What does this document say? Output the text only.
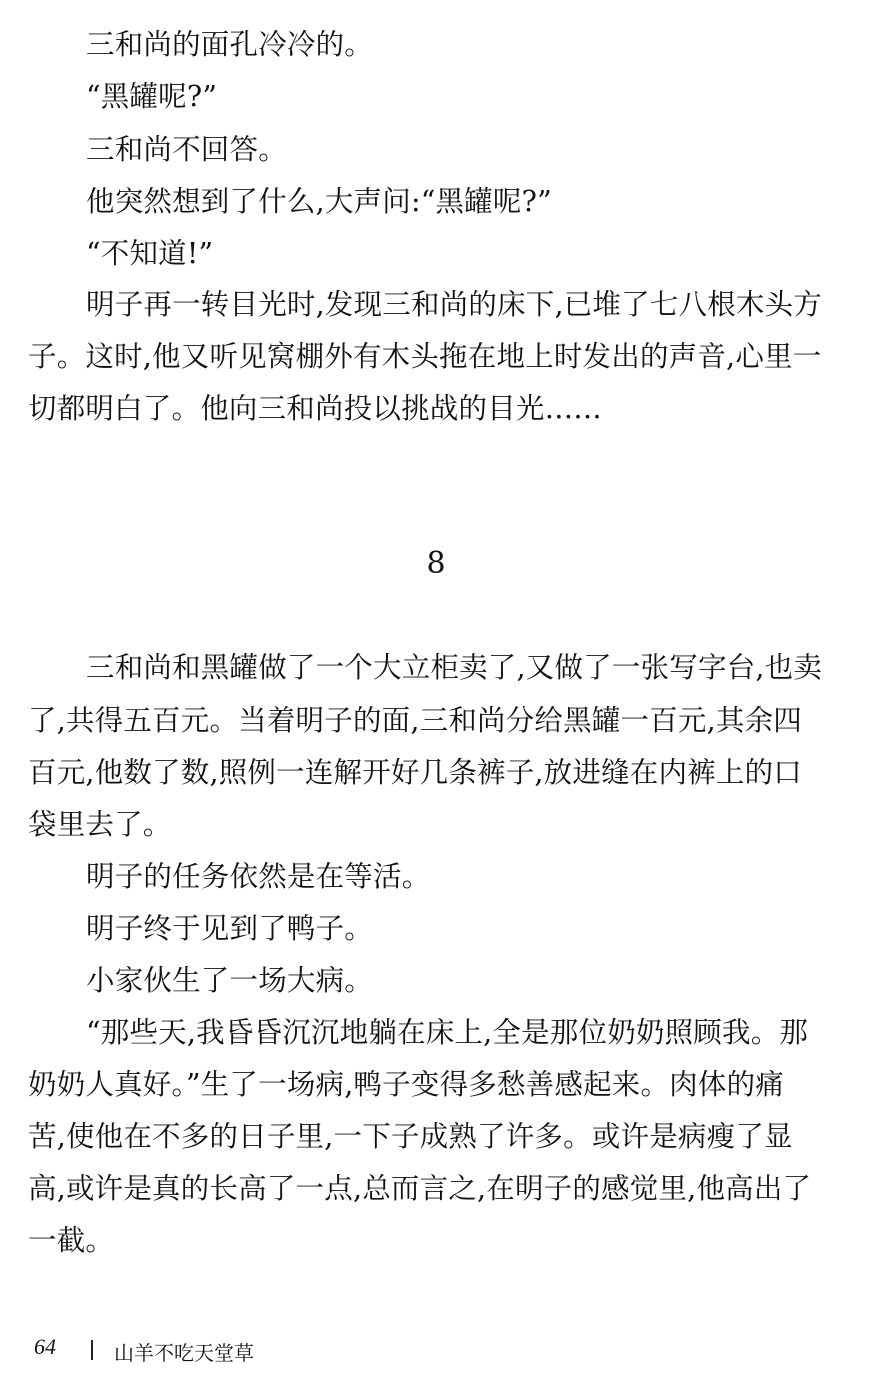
三和尚的面孔冷冷的。
“黑罐呢?”
三和尚不回答。
他突然想到了什么,大声问:“黑罐呢?”
“不知道!”
明子再一转目光时,发现三和尚的床下,已堆了七八根木头方
子。这时,他又听见窝棚外有木头拖在地上时发出的声音,心里一
切都明白了。他向三和尚投以挑战的目光……
8
三和尚和黑罐做了一个大立柜卖了,又做了一张写字台,也卖
了,共得五百元。当着明子的面,三和尚分给黑罐一百元,其余四
百元,他数了数,照例一连解开好几条裤子,放进缝在内裤上的口
袋里去了。
明子的任务依然是在等活。
明子终于见到了鸭子。
小家伙生了一场大病。
“那些天,我昏昏沉沉地躺在床上,全是那位奶奶照顾我。那
奶奶人真好。”生了一场病,鸭子变得多愁善感起来。肉体的痛
苦,使他在不多的日子里,一下子成熟了许多。或许是病瘦了显
高,或许是真的长高了一点,总而言之,在明子的感觉里,他高出了
一截。
64	山羊不吃天堂草
